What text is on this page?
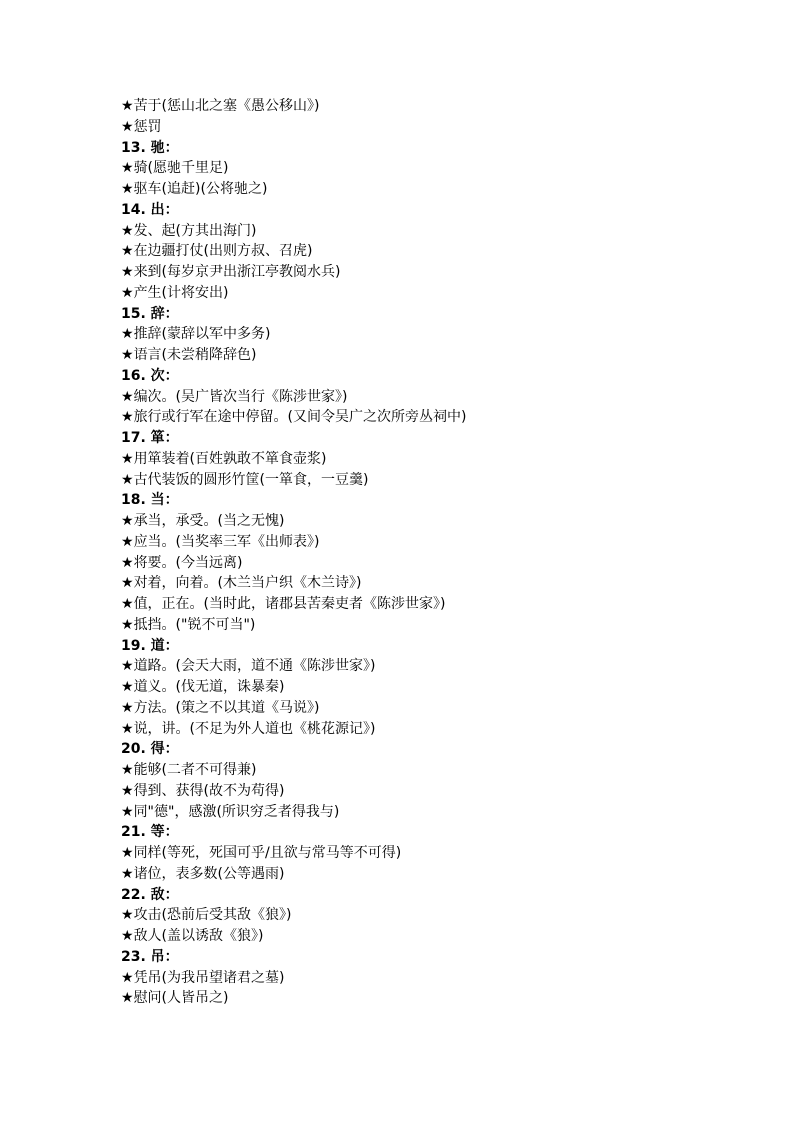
★苦于(惩山北之塞《愚公移山》)
★惩罚
13. 驰：
★骑(愿驰千里足)
★驱车(追赶)(公将驰之)
14. 出：
★发、起(方其出海门)
★在边疆打仗(出则方叔、召虎)
★来到(每岁京尹出浙江亭教阅水兵)
★产生(计将安出)
15. 辞：
★推辞(蒙辞以军中多务)
★语言(未尝稍降辞色)
16. 次：
★编次。(吴广皆次当行《陈涉世家》)
★旅行或行军在途中停留。(又间令吴广之次所旁丛祠中)
17. 箪：
★用箪装着(百姓孰敢不箪食壶浆)
★古代装饭的圆形竹筐(一箪食，一豆羹)
18. 当：
★承当，承受。(当之无愧)
★应当。(当奖率三军《出师表》)
★将要。(今当远离)
★对着，向着。(木兰当户织《木兰诗》)
★值，正在。(当时此，诸郡县苦秦吏者《陈涉世家》)
★抵挡。("锐不可当")
19. 道：
★道路。(会天大雨，道不通《陈涉世家》)
★道义。(伐无道，诛暴秦)
★方法。(策之不以其道《马说》)
★说，讲。(不足为外人道也《桃花源记》)
20. 得：
★能够(二者不可得兼)
★得到、获得(故不为苟得)
★同"德"，感激(所识穷乏者得我与)
21. 等：
★同样(等死，死国可乎/且欲与常马等不可得)
★诸位，表多数(公等遇雨)
22. 敌：
★攻击(恐前后受其敌《狼》)
★敌人(盖以诱敌《狼》)
23. 吊：
★凭吊(为我吊望诸君之墓)
★慰问(人皆吊之)
